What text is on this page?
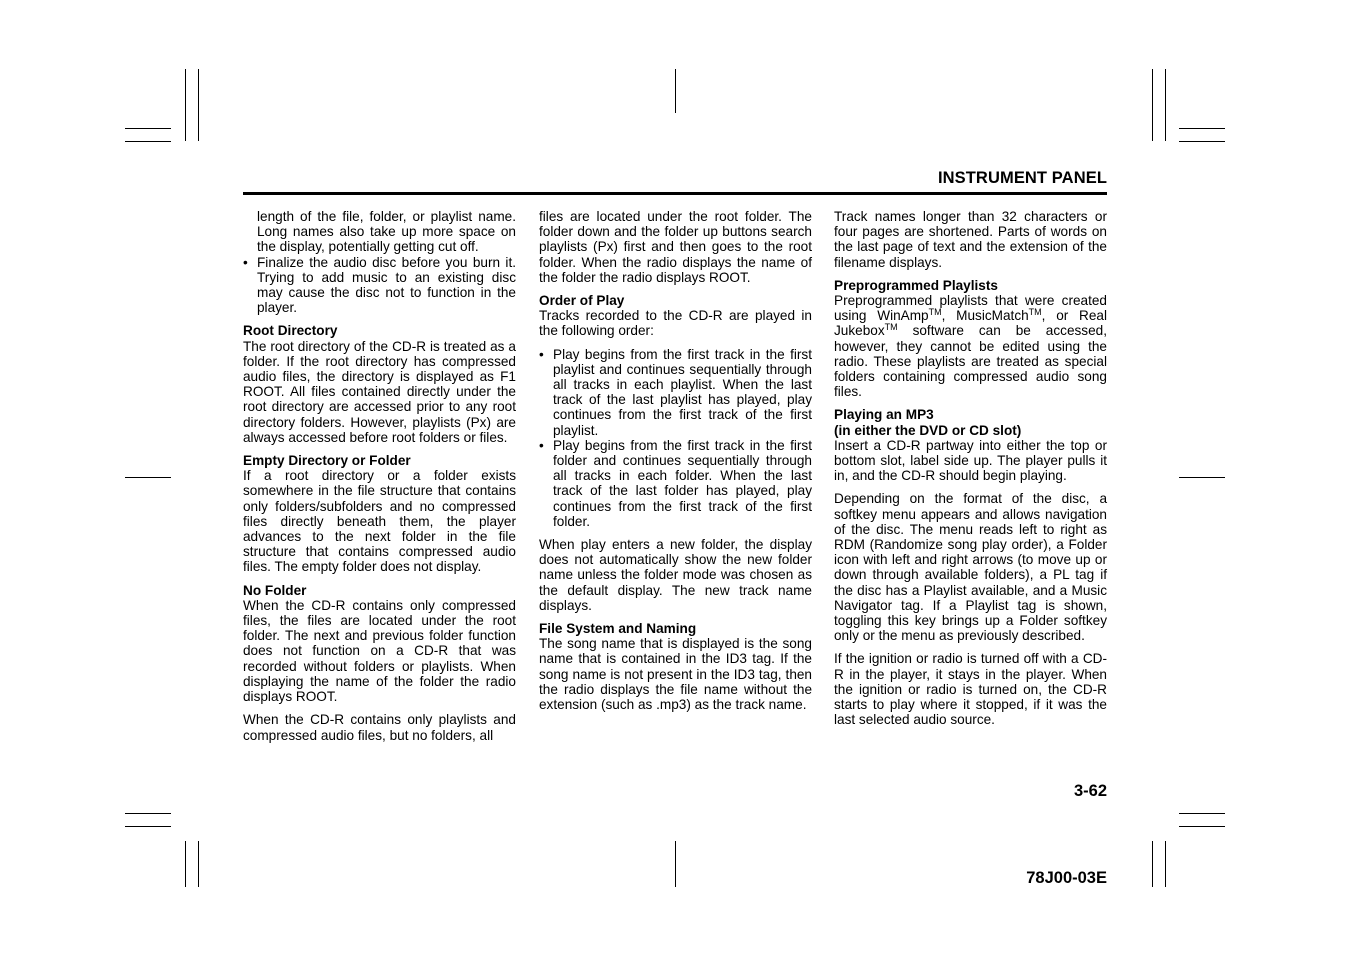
INSTRUMENT PANEL

length of the file, folder, or playlist name. Long names also take up more space on the display, potentially getting cut off.

• Finalize the audio disc before you burn it. Trying to add music to an existing disc may cause the disc not to function in the player.
Root Directory

The root directory of the CD-R is treated as a folder. If the root directory has compressed audio files, the directory is displayed as F1 ROOT. All files contained directly under the root directory are accessed prior to any root directory folders. However, playlists (Px) are always accessed before root folders or files.

Empty Directory or Folder

If a root directory or a folder exists somewhere in the file structure that contains only folders/subfolders and no compressed files directly beneath them, the player advances to the next folder in the file structure that contains compressed audio files. The empty folder does not display.

No Folder

When the CD-R contains only compressed files, the files are located under the root folder. The next and previous folder function does not function on a CD-R that was recorded without folders or playlists. When displaying the name of the folder the radio displays ROOT.

When the CD-R contains only playlists and compressed audio files, but no folders, all

files are located under the root folder. The folder down and the folder up buttons search playlists (Px) first and then goes to the root folder. When the radio displays the name of the folder the radio displays ROOT.

Order of Play

Tracks recorded to the CD-R are played in the following order:

• Play begins from the first track in the first playlist and continues sequentially through all tracks in each playlist. When the last track of the last playlist has played, play continues from the first track of the first playlist.
• Play begins from the first track in the first folder and continues sequentially through all tracks in each folder. When the last track of the last folder has played, play continues from the first track of the first folder.

When play enters a new folder, the display does not automatically show the new folder name unless the folder mode was chosen as the default display. The new track name displays.

File System and Naming

The song name that is displayed is the song name that is contained in the ID3 tag. If the song name is not present in the ID3 tag, then the radio displays the file name without the extension (such as .mp3) as the track name.

Track names longer than 32 characters or four pages are shortened. Parts of words on the last page of text and the extension of the filename displays.

Preprogrammed Playlists

Preprogrammed playlists that were created using WinAmp™, MusicMatch™, or Real Jukebox™ software can be accessed, however, they cannot be edited using the radio. These playlists are treated as special folders containing compressed audio song files.

Playing an MP3
(in either the DVD or CD slot)

Insert a CD-R partway into either the top or bottom slot, label side up. The player pulls it in, and the CD-R should begin playing.

Depending on the format of the disc, a softkey menu appears and allows navigation of the disc. The menu reads left to right as RDM (Randomize song play order), a Folder icon with left and right arrows (to move up or down through available folders), a PL tag if the disc has a Playlist available, and a Music Navigator tag. If a Playlist tag is shown, toggling this key brings up a Folder softkey only or the menu as previously described.

If the ignition or radio is turned off with a CD-R in the player, it stays in the player. When the ignition or radio is turned on, the CD-R starts to play where it stopped, if it was the last selected audio source.

3-62
78J00-03E
